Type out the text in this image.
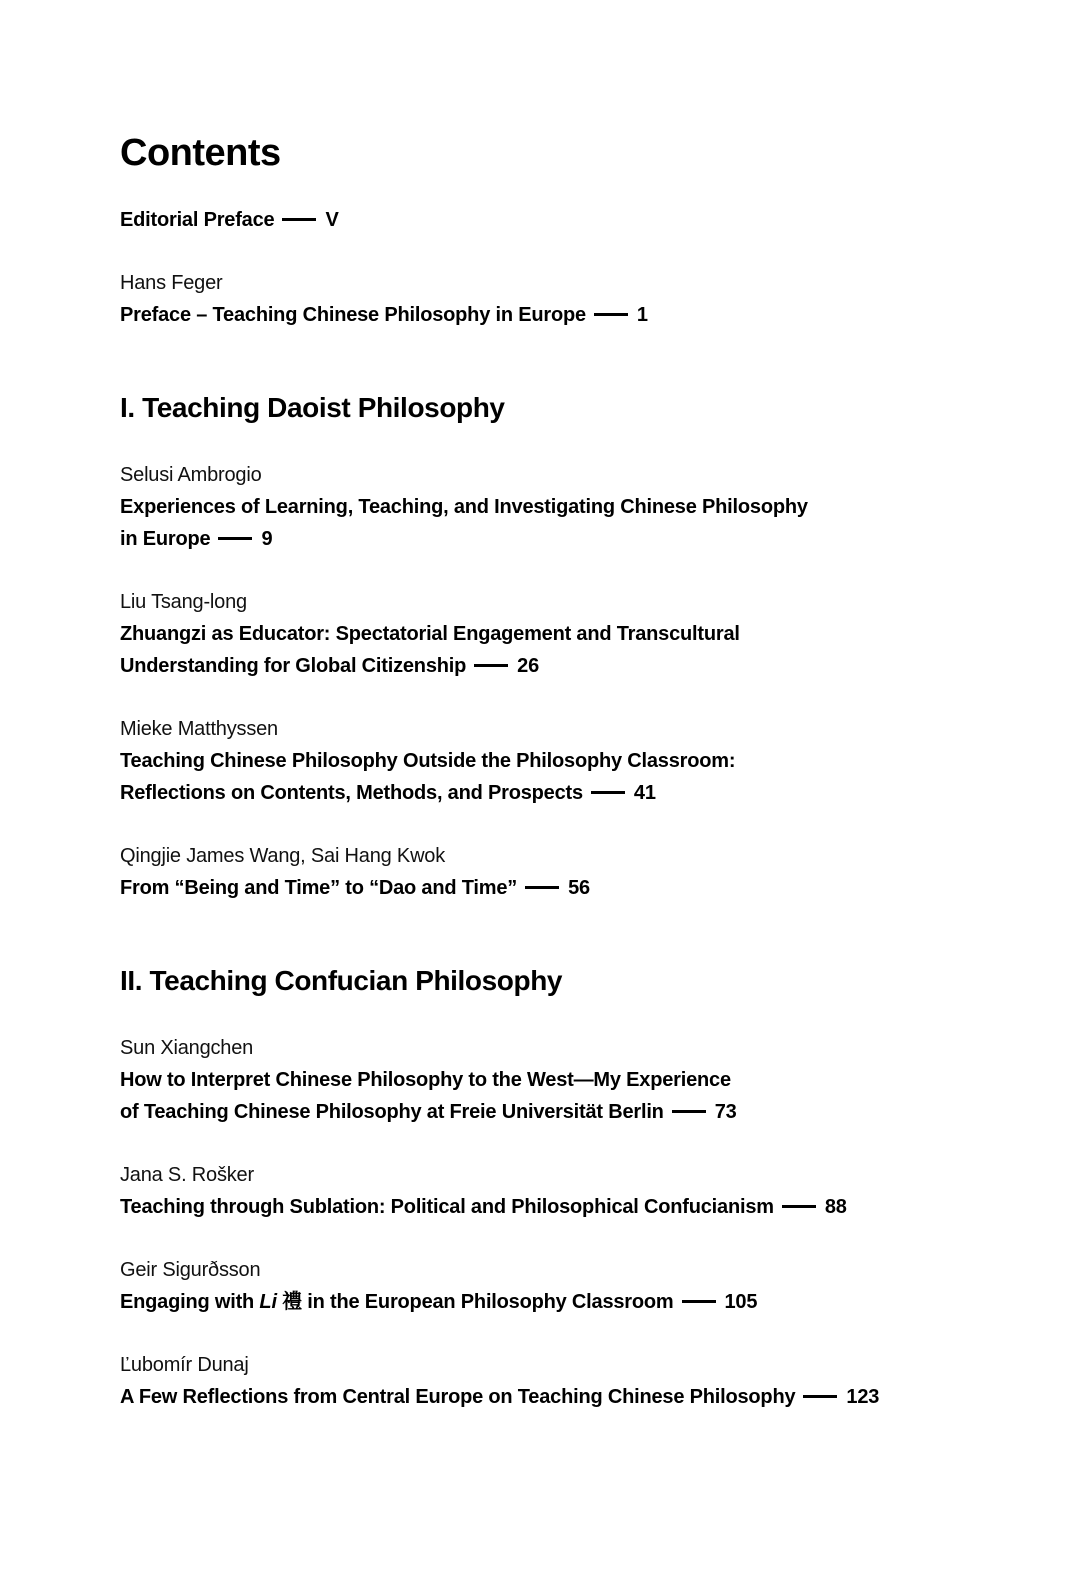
Contents
Editorial Preface	V
Hans Feger
Preface – Teaching Chinese Philosophy in Europe	1
I. Teaching Daoist Philosophy
Selusi Ambrogio
Experiences of Learning, Teaching, and Investigating Chinese Philosophy
in Europe	9
Liu Tsang-long
Zhuangzi as Educator: Spectatorial Engagement and Transcultural
Understanding for Global Citizenship	26
Mieke Matthyssen
Teaching Chinese Philosophy Outside the Philosophy Classroom:
Reflections on Contents, Methods, and Prospects	41
Qingjie James Wang, Sai Hang Kwok
From “Being and Time” to “Dao and Time”	56
II. Teaching Confucian Philosophy
Sun Xiangchen
How to Interpret Chinese Philosophy to the West—My Experience
of Teaching Chinese Philosophy at Freie Universität Berlin	73
Jana S. Rošker
Teaching through Sublation: Political and Philosophical Confucianism	88
Geir Sigurðsson
Engaging with Li 禮 in the European Philosophy Classroom	105
Ľubomír Dunaj
A Few Reflections from Central Europe on Teaching Chinese Philosophy	123
